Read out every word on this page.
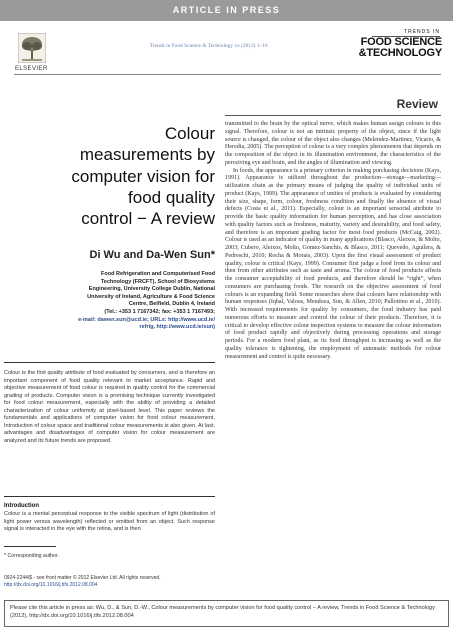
ARTICLE IN PRESS
ELSEVIER
Trends in Food Science & Technology xx (2012) 1–16
TRENDS IN
FOOD SCIENCE
&TECHNOLOGY
Review
Colour
measurements by
computer vision for
food quality
control − A review
Di Wu and Da-Wen Sun*
Food Refrigeration and Computerised Food
Technology (FRCFT), School of Biosystems
Engineering, University College Dublin, National
University of Ireland, Agriculture & Food Science
Centre, Belfield, Dublin 4, Ireland
(Tel.: +353 1 7167342; fax: +353 1 7167493;
e-mail: dawen.sun@ucd.ie; URLs: http://www.ucd.ie/
refrig, http://www.ucd.ie/sun)

Colour is the first quality attribute of food evaluated by consumers, and is therefore an important component of food quality relevant to market acceptance. Rapid and objective measurement of food colour is required in quality control for the commercial grading of products. Computer vision is a promising technique currently investigated for food colour measurement, especially with the ability of providing a detailed characterization of colour uniformity at pixel-based level. This paper reviews the fundamentals and applications of computer vision for food colour measurement. Introduction of colour space and traditional colour measurements is also given. At last, advantages and disadvantages of computer vision for colour measurement are analyzed and its future trends are proposed.

Introduction

Colour is a mental perceptual response to the visible spectrum of light (distribution of light power versus wavelength) reflected or emitted from an object. Such response signal is interacted in the eye with the retina, and is then

* Corresponding author.
0924-2244/$ - see front matter © 2012 Elsevier Ltd. All rights reserved.
http://dx.doi.org/10.1016/j.tifs.2012.08.004

transmitted to the brain by the optical nerve, which makes human assign colours to this signal. Therefore, colour is not an intrinsic property of the object, since if the light source is changed, the colour of the object also changes (Melendez-Martinez, Vicario, & Heredia, 2005). The perception of colour is a very complex phenomenon that depends on the composition of the object in its illumination environment, the characteristics of the perceiving eye and brain, and the angles of illumination and viewing.

In foods, the appearance is a primary criterion in making purchasing decisions (Kays, 1991). Appearance is utilized throughout the production—storage—marketing—utilization chain as the primary means of judging the quality of individual units of product (Kays, 1999). The appearance of unities of products is evaluated by considering their size, shape, form, colour, freshness condition and finally the absence of visual defects (Costa et al., 2011). Especially, colour is an important sensorial attribute to provide the basic quality information for human perception, and has close association with quality factors such as freshness, maturity, variety and desirability, and food safety, and therefore is an important grading factor for most food products (McCaig, 2002). Colour is used as an indicator of quality in many applications (Blasco, Aleixos, & Molto, 2003; Cubero, Aleixos, Molto, Gomez-Sanchis, & Blasco, 2011; Quevedo, Aguilera, & Pedreschi, 2010; Rocha & Morais, 2003). Upon the first visual assessment of product quality, colour is critical (Kays, 1999). Consumer first judge a food from its colour and then from other attributes such as taste and aroma. The colour of food products affects the consumer acceptability of food products, and therefore should be “right”, when consumers are purchasing foods. The research on the objective assessment of food colours is an expanding field. Some researches show that colours have relationship with human responses (Iqbal, Valous, Mendoza, Sun, & Allen, 2010; Pallottino et al., 2010). With increased requirements for quality by consumers, the food industry has paid numerous efforts to measure and control the colour of their products. Therefore, it is critical to develop effective colour inspection systems to measure the colour information of food product rapidly and objectively during processing operations and storage periods. For a modern food plant, as its food throughput is increasing as well as the quality tolerance is tightening, the employment of automatic methods for colour measurement and control is quite necessary.

Please cite this article in press as: Wu, D., & Sun, D.-W., Colour measurements by computer vision for food quality control − A review, Trends in Food Science & Technology (2012), http://dx.doi.org/10.1016/j.tifs.2012.08.004
